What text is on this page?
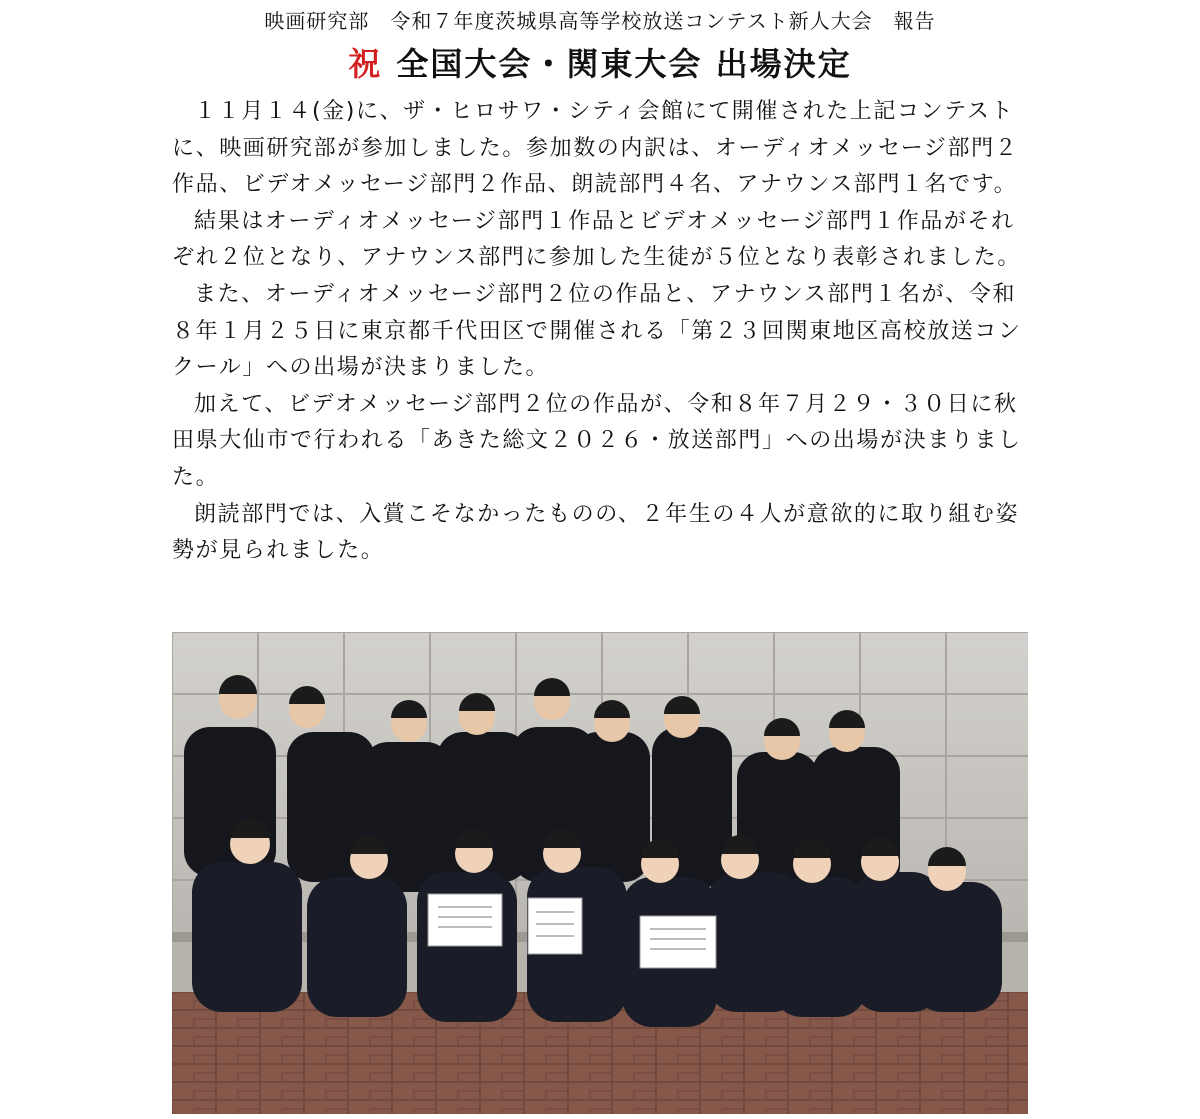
映画研究部　令和７年度茨城県高等学校放送コンテスト新人大会　報告
祝 全国大会・関東大会 出場決定

１１月１４(金)に、ザ・ヒロサワ・シティ会館にて開催された上記コンテストに、映画研究部が参加しました。参加数の内訳は、オーディオメッセージ部門２作品、ビデオメッセージ部門２作品、朗読部門４名、アナウンス部門１名です。

結果はオーディオメッセージ部門１作品とビデオメッセージ部門１作品がそれぞれ２位となり、アナウンス部門に参加した生徒が５位となり表彰されました。

また、オーディオメッセージ部門２位の作品と、アナウンス部門１名が、令和８年１月２５日に東京都千代田区で開催される「第２３回関東地区高校放送コンクール」への出場が決まりました。

加えて、ビデオメッセージ部門２位の作品が、令和８年７月２９・３０日に秋田県大仙市で行われる「あきた総文２０２６・放送部門」への出場が決まりました。

朗読部門では、入賞こそなかったものの、２年生の４人が意欲的に取り組む姿勢が見られました。
